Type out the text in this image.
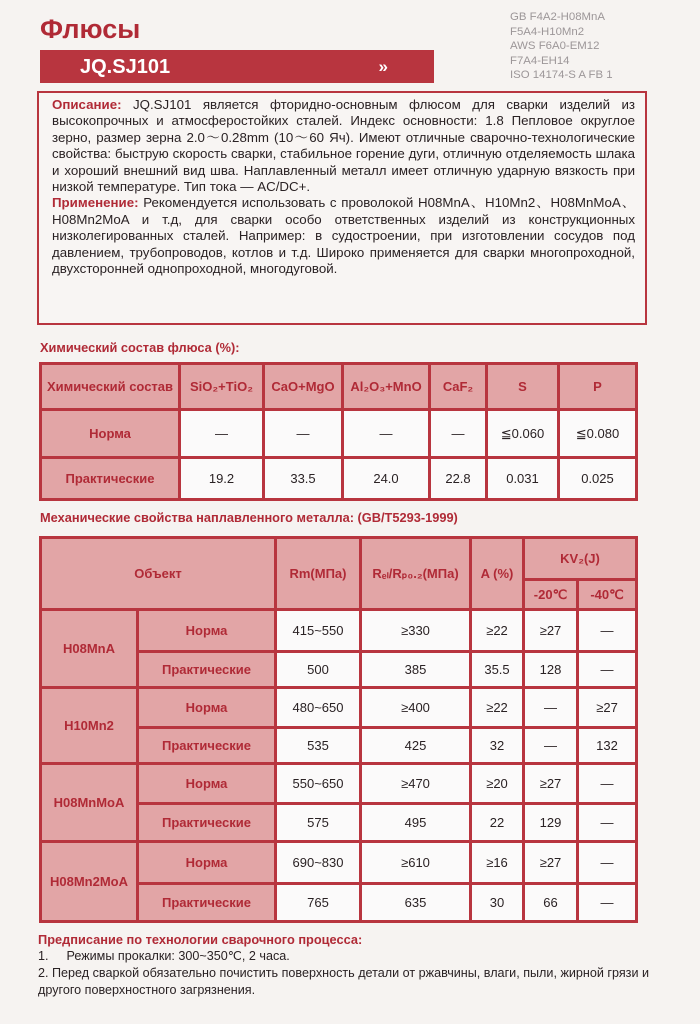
Флюсы
JQ.SJ101	»
GB F4A2-H08MnA
F5A4-H10Mn2
AWS F6A0-EM12
F7A4-EH14
ISO 14174-S A FB 1

Описание: JQ.SJ101 является фторидно-основным флюсом для сварки изделий из высокопрочных и атмосферостойких сталей. Индекс основности: 1.8 Пепловое округлое зерно, размер зерна 2.0～0.28mm (10～60 Яч). Имеют отличные сварочно-технологические свойства: быструю скорость сварки, стабильное горение дуги, отличную отделяемость шлака и хороший внешний вид шва. Наплавленный металл имеет отличную ударную вязкость при низкой температуре. Тип тока — AC/DC+.

Применение: Рекомендуется использовать с проволокой H08MnA、H10Mn2、H08MnMoA、H08Mn2MoA и т.д, для сварки особо ответственных изделий из конструкционных низколегированных сталей. Например: в судостроении, при изготовлении сосудов под давлением, трубопроводов, котлов и т.д. Широко применяется для сварки многопроходной, двухсторонней однопроходной, многодуговой.

Химический состав флюса (%):
Химический состав	SiO₂+TiO₂	CaO+MgO	Al₂O₃+MnO	CaF₂	S	P
Норма	—	—	—	—	≦0.060	≦0.080
Практические	19.2	33.5	24.0	22.8	0.031	0.025
Механические свойства наплавленного металла: (GB/T5293-1999)
Объект		Rm(МПа)	Rₑₗ/Rₚ₀.₂(МПа)	A (%)	KV₂(J)	
					-20℃	-40℃
H08MnA	Норма	415~550	≥330	≥22	≥27	—
	Практические	500	385	35.5	128	—
H10Mn2	Норма	480~650	≥400	≥22	—	≥27
	Практические	535	425	32	—	132
H08MnMoA	Норма	550~650	≥470	≥20	≥27	—
	Практические	575	495	22	129	—
H08Mn2MoA	Норма	690~830	≥610	≥16	≥27	—
	Практические	765	635	30	66	—
Предписание по технологии сварочного процесса:

1. Режимы прокалки: 300~350℃, 2 часа.

2. Перед сваркой обязательно почистить поверхность детали от ржавчины, влаги, пыли, жирной грязи и другого поверхностного загрязнения.
